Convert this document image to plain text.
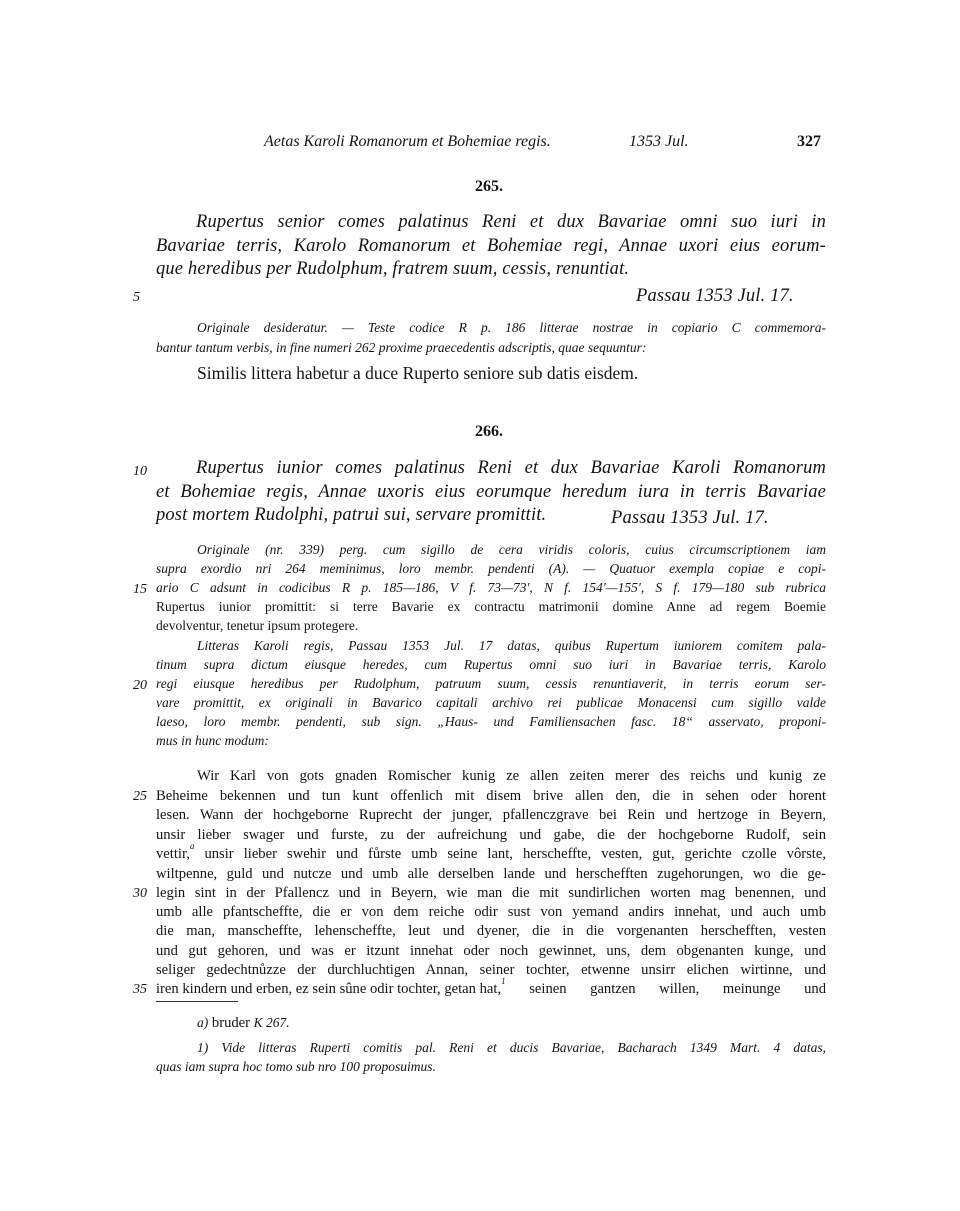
Aetas Karoli Romanorum et Bohemiae regis.	1353 Jul.	327
265.
Rupertus senior comes palatinus Reni et dux Bavariae omni suo iuri in
Bavariae terris, Karolo Romanorum et Bohemiae regi, Annae uxori eius eorum-
que heredibus per Rudolphum, fratrem suum, cessis, renuntiat.
5	Passau 1353 Jul. 17.
Originale desideratur. — Teste codice R p. 186 litterae nostrae in copiario C commemora-
bantur tantum verbis, in fine numeri 262 proxime praecedentis adscriptis, quae sequuntur:
Similis littera habetur a duce Ruperto seniore sub datis eisdem.
266.
10	Rupertus iunior comes palatinus Reni et dux Bavariae Karoli Romanorum
et Bohemiae regis, Annae uxoris eius eorumque heredum iura in terris Bavariae
post mortem Rudolphi, patrui sui, servare promittit.	Passau 1353 Jul. 17.
Originale (nr. 339) perg. cum sigillo de cera viridis coloris, cuius circumscriptionem iam
supra exordio nri 264 meminimus, loro membr. pendenti (A). — Quatuor exempla copiae e copi-
15 ario C adsunt in codicibus R p. 185—186, V f. 73—73', N f. 154'—155', S f. 179—180 sub rubrica
Rupertus iunior promittit: si terre Bavarie ex contractu matrimonii domine Anne ad regem Boemie
devolventur, tenetur ipsum protegere.
Litteras Karoli regis, Passau 1353 Jul. 17 datas, quibus Rupertum iuniorem comitem pala-
tinum supra dictum eiusque heredes, cum Rupertus omni suo iuri in Bavariae terris, Karolo
20 regi eiusque heredibus per Rudolphum, patruum suum, cessis renuntiaverit, in terris eorum ser-
vare promittit, ex originali in Bavarico capitali archivo rei publicae Monacensi cum sigillo valde
laeso, loro membr. pendenti, sub sign. „Haus- und Familiensachen fasc. 18“ asservato, proponi-
mus in hunc modum:
Wir Karl von gots gnaden Romischer kunig ze allen zeiten merer des reichs und kunig ze
25 Beheime bekennen und tun kunt offenlich mit disem brive allen den, die in sehen oder horent
lesen. Wann der hochgeborne Ruprecht der junger, pfallenczgrave bei Rein und hertzoge in Beyern,
unsir lieber swager und furste, zu der aufreichung und gabe, die der hochgeborne Rudolf, sein
vettir, a unsir lieber swehir und fůrste umb seine lant, herscheffte, vesten, gut, gerichte czolle vôrste,
wiltpenne, guld und nutcze und umb alle derselben lande und herschefften zugehorungen, wo die ge-
30 legin sint in der Pfallencz und in Beyern, wie man die mit sundirlichen worten mag benennen, und
umb alle pfantscheffte, die er von dem reiche odir sust von yemand andirs innehat, und auch umb
die man, manscheffte, lehenscheffte, leut und dyener, die in die vorgenanten herschefften, vesten
und gut gehoren, und was er itzunt innehat oder noch gewinnet, uns, dem obgenanten kunge, und
seliger gedechtnůzze der durchluchtigen Annan, seiner tochter, etwenne unsirr elichen wirtinne, und
35 iren kindern und erben, ez sein sûne odir tochter, getan hat, 1 seinen gantzen willen, meinunge und
a) bruder K 267.
1) Vide litteras Ruperti comitis pal. Reni et ducis Bavariae, Bacharach 1349 Mart. 4 datas,
quas iam supra hoc tomo sub nro 100 proposuimus.
